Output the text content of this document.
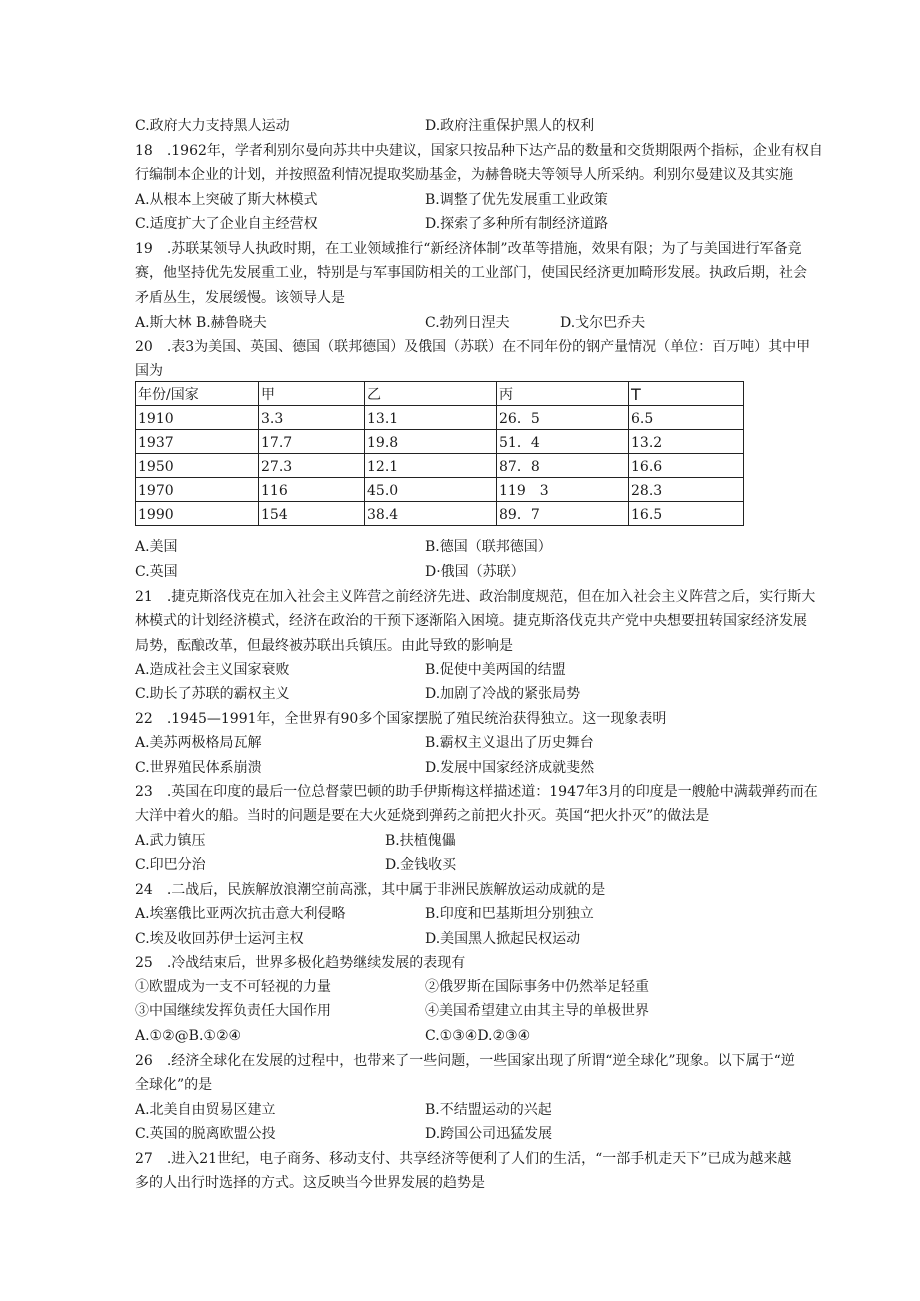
C.政府大力支持黑人运动	D.政府注重保护黑人的权利
18　.1962年，学者利别尔曼向苏共中央建议，国家只按品种下达产品的数量和交货期限两个指标，企业有权自
行编制本企业的计划，并按照盈利情况提取奖励基金，为赫鲁晓夫等领导人所采纳。利别尔曼建议及其实施
A.从根本上突破了斯大林模式	B.调整了优先发展重工业政策
C.适度扩大了企业自主经营权	D.探索了多种所有制经济道路
19　.苏联某领导人执政时期，在工业领域推行“新经济体制”改革等措施，效果有限；为了与美国进行军备竞
赛，他坚持优先发展重工业，特别是与军事国防相关的工业部门，使国民经济更加畸形发展。执政后期，社会
矛盾丛生，发展缓慢。该领导人是
A.斯大林 B.赫鲁晓夫	C.勃列日涅夫	D.戈尔巴乔夫
20　.表3为美国、英国、德国（联邦德国）及俄国（苏联）在不同年份的钢产量情况（单位：百万吨）其中甲
国为
年份/国家	甲	乙	丙	T
1910	3.3	13.1	26．5	6.5
1937	17.7	19.8	51．4	13.2
1950	27.3	12.1	87．8	16.6
1970	116	45.0	119　3	28.3
1990	154	38.4	89．7	16.5
A.美国	B.德国（联邦德国）
C.英国	D·俄国（苏联）
21　.捷克斯洛伐克在加入社会主义阵营之前经济先进、政治制度规范，但在加入社会主义阵营之后，实行斯大
林模式的计划经济模式，经济在政治的干预下逐渐陷入困境。捷克斯洛伐克共产党中央想要扭转国家经济发展
局势，酝酿改革，但最终被苏联出兵镇压。由此导致的影响是
A.造成社会主义国家衰败	B.促使中美两国的结盟
C.助长了苏联的霸权主义	D.加剧了冷战的紧张局势
22　.1945—1991年，全世界有90多个国家摆脱了殖民统治获得独立。这一现象表明
A.美苏两极格局瓦解	B.霸权主义退出了历史舞台
C.世界殖民体系崩溃	D.发展中国家经济成就斐然
23　.英国在印度的最后一位总督蒙巴顿的助手伊斯梅这样描述道：1947年3月的印度是一艘舱中满载弹药而在
大洋中着火的船。当时的问题是要在大火延烧到弹药之前把火扑灭。英国“把火扑灭”的做法是
A.武力镇压	B.扶植傀儡
C.印巴分治	D.金钱收买
24　.二战后，民族解放浪潮空前高涨，其中属于非洲民族解放运动成就的是
A.埃塞俄比亚两次抗击意大利侵略	B.印度和巴基斯坦分别独立
C.埃及收回苏伊士运河主权	D.美国黑人掀起民权运动
25　.冷战结束后，世界多极化趋势继续发展的表现有
①欧盟成为一支不可轻视的力量	②俄罗斯在国际事务中仍然举足轻重
③中国继续发挥负责任大国作用	④美国希望建立由其主导的单极世界
A.①②@B.①②④	C.①③④D.②③④
26　.经济全球化在发展的过程中，也带来了一些问题，一些国家出现了所谓“逆全球化”现象。以下属于“逆
全球化”的是
A.北美自由贸易区建立	B.不结盟运动的兴起
C.英国的脱离欧盟公投	D.跨国公司迅猛发展
27　.进入21世纪，电子商务、移动支付、共享经济等便利了人们的生活，“一部手机走天下”已成为越来越
多的人出行时选择的方式。这反映当今世界发展的趋势是
